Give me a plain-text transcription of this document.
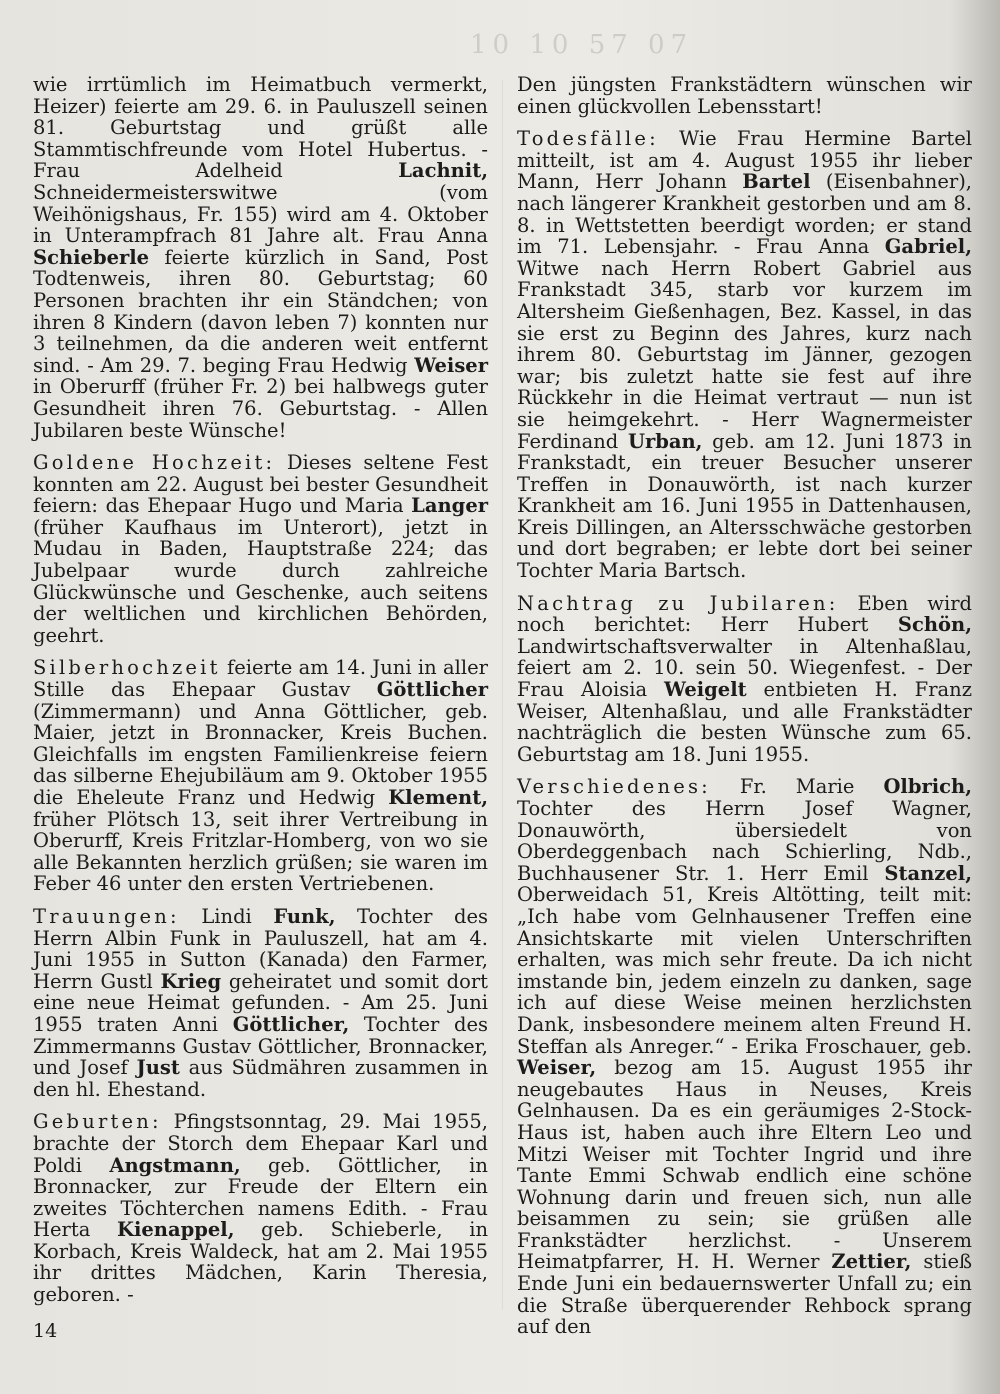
10 10 57 07

wie irrtümlich im Heimatbuch vermerkt, Heizer) feierte am 29. 6. in Pauluszell seinen 81. Geburtstag und grüßt alle Stammtischfreunde vom Hotel Hubertus. - Frau Adelheid Lachnit, Schneidermeisterswitwe (vom Weihönigshaus, Fr. 155) wird am 4. Oktober in Unterampfrach 81 Jahre alt. Frau Anna Schieberle feierte kürzlich in Sand, Post Todtenweis, ihren 80. Geburtstag; 60 Personen brachten ihr ein Ständchen; von ihren 8 Kindern (davon leben 7) konnten nur 3 teilnehmen, da die anderen weit entfernt sind. - Am 29. 7. beging Frau Hedwig Weiser in Oberurff (früher Fr. 2) bei halbwegs guter Gesundheit ihren 76. Geburtstag. - Allen Jubilaren beste Wünsche!

Goldene Hochzeit: Dieses seltene Fest konnten am 22. August bei bester Gesundheit feiern: das Ehepaar Hugo und Maria Langer (früher Kaufhaus im Unterort), jetzt in Mudau in Baden, Hauptstraße 224; das Jubelpaar wurde durch zahlreiche Glückwünsche und Geschenke, auch seitens der weltlichen und kirchlichen Behörden, geehrt.

Silberhochzeit feierte am 14. Juni in aller Stille das Ehepaar Gustav Göttlicher (Zimmermann) und Anna Göttlicher, geb. Maier, jetzt in Bronnacker, Kreis Buchen. Gleichfalls im engsten Familienkreise feiern das silberne Ehejubiläum am 9. Oktober 1955 die Eheleute Franz und Hedwig Klement, früher Plötsch 13, seit ihrer Vertreibung in Oberurff, Kreis Fritzlar-Homberg, von wo sie alle Bekannten herzlich grüßen; sie waren im Feber 46 unter den ersten Vertriebenen.

Trauungen: Lindi Funk, Tochter des Herrn Albin Funk in Pauluszell, hat am 4. Juni 1955 in Sutton (Kanada) den Farmer, Herrn Gustl Krieg geheiratet und somit dort eine neue Heimat gefunden. - Am 25. Juni 1955 traten Anni Göttlicher, Tochter des Zimmermanns Gustav Göttlicher, Bronnacker, und Josef Just aus Südmähren zusammen in den hl. Ehestand.

Geburten: Pfingstsonntag, 29. Mai 1955, brachte der Storch dem Ehepaar Karl und Poldi Angstmann, geb. Göttlicher, in Bronnacker, zur Freude der Eltern ein zweites Töchterchen namens Edith. - Frau Herta Kienappel, geb. Schieberle, in Korbach, Kreis Waldeck, hat am 2. Mai 1955 ihr drittes Mädchen, Karin Theresia, geboren. -

Den jüngsten Frankstädtern wünschen wir einen glückvollen Lebensstart!

Todesfälle: Wie Frau Hermine Bartel mitteilt, ist am 4. August 1955 ihr lieber Mann, Herr Johann Bartel (Eisenbahner), nach längerer Krankheit gestorben und am 8. 8. in Wettstetten beerdigt worden; er stand im 71. Lebensjahr. - Frau Anna Gabriel, Witwe nach Herrn Robert Gabriel aus Frankstadt 345, starb vor kurzem im Altersheim Gießenhagen, Bez. Kassel, in das sie erst zu Beginn des Jahres, kurz nach ihrem 80. Geburtstag im Jänner, gezogen war; bis zuletzt hatte sie fest auf ihre Rückkehr in die Heimat vertraut — nun ist sie heimgekehrt. - Herr Wagnermeister Ferdinand Urban, geb. am 12. Juni 1873 in Frankstadt, ein treuer Besucher unserer Treffen in Donauwörth, ist nach kurzer Krankheit am 16. Juni 1955 in Dattenhausen, Kreis Dillingen, an Altersschwäche gestorben und dort begraben; er lebte dort bei seiner Tochter Maria Bartsch.

Nachtrag zu Jubilaren: Eben wird noch berichtet: Herr Hubert Schön, Landwirtschaftsverwalter in Altenhaßlau, feiert am 2. 10. sein 50. Wiegenfest. - Der Frau Aloisia Weigelt entbieten H. Franz Weiser, Altenhaßlau, und alle Frankstädter nachträglich die besten Wünsche zum 65. Geburtstag am 18. Juni 1955.

Verschiedenes: Fr. Marie Olbrich, Tochter des Herrn Josef Wagner, Donauwörth, übersiedelt von Oberdeggenbach nach Schierling, Ndb., Buchhausener Str. 1. Herr Emil Stanzel, Oberweidach 51, Kreis Altötting, teilt mit: „Ich habe vom Gelnhausener Treffen eine Ansichtskarte mit vielen Unterschriften erhalten, was mich sehr freute. Da ich nicht imstande bin, jedem einzeln zu danken, sage ich auf diese Weise meinen herzlichsten Dank, insbesondere meinem alten Freund H. Steffan als Anreger.“ - Erika Froschauer, geb. Weiser, bezog am 15. August 1955 ihr neugebautes Haus in Neuses, Kreis Gelnhausen. Da es ein geräumiges 2-Stock-Haus ist, haben auch ihre Eltern Leo und Mitzi Weiser mit Tochter Ingrid und ihre Tante Emmi Schwab endlich eine schöne Wohnung darin und freuen sich, nun alle beisammen zu sein; sie grüßen alle Frankstädter herzlichst. - Unserem Heimatpfarrer, H. H. Werner Zettier, stieß Ende Juni ein bedauernswerter Unfall zu; ein die Straße überquerender Rehbock sprang auf den

14
